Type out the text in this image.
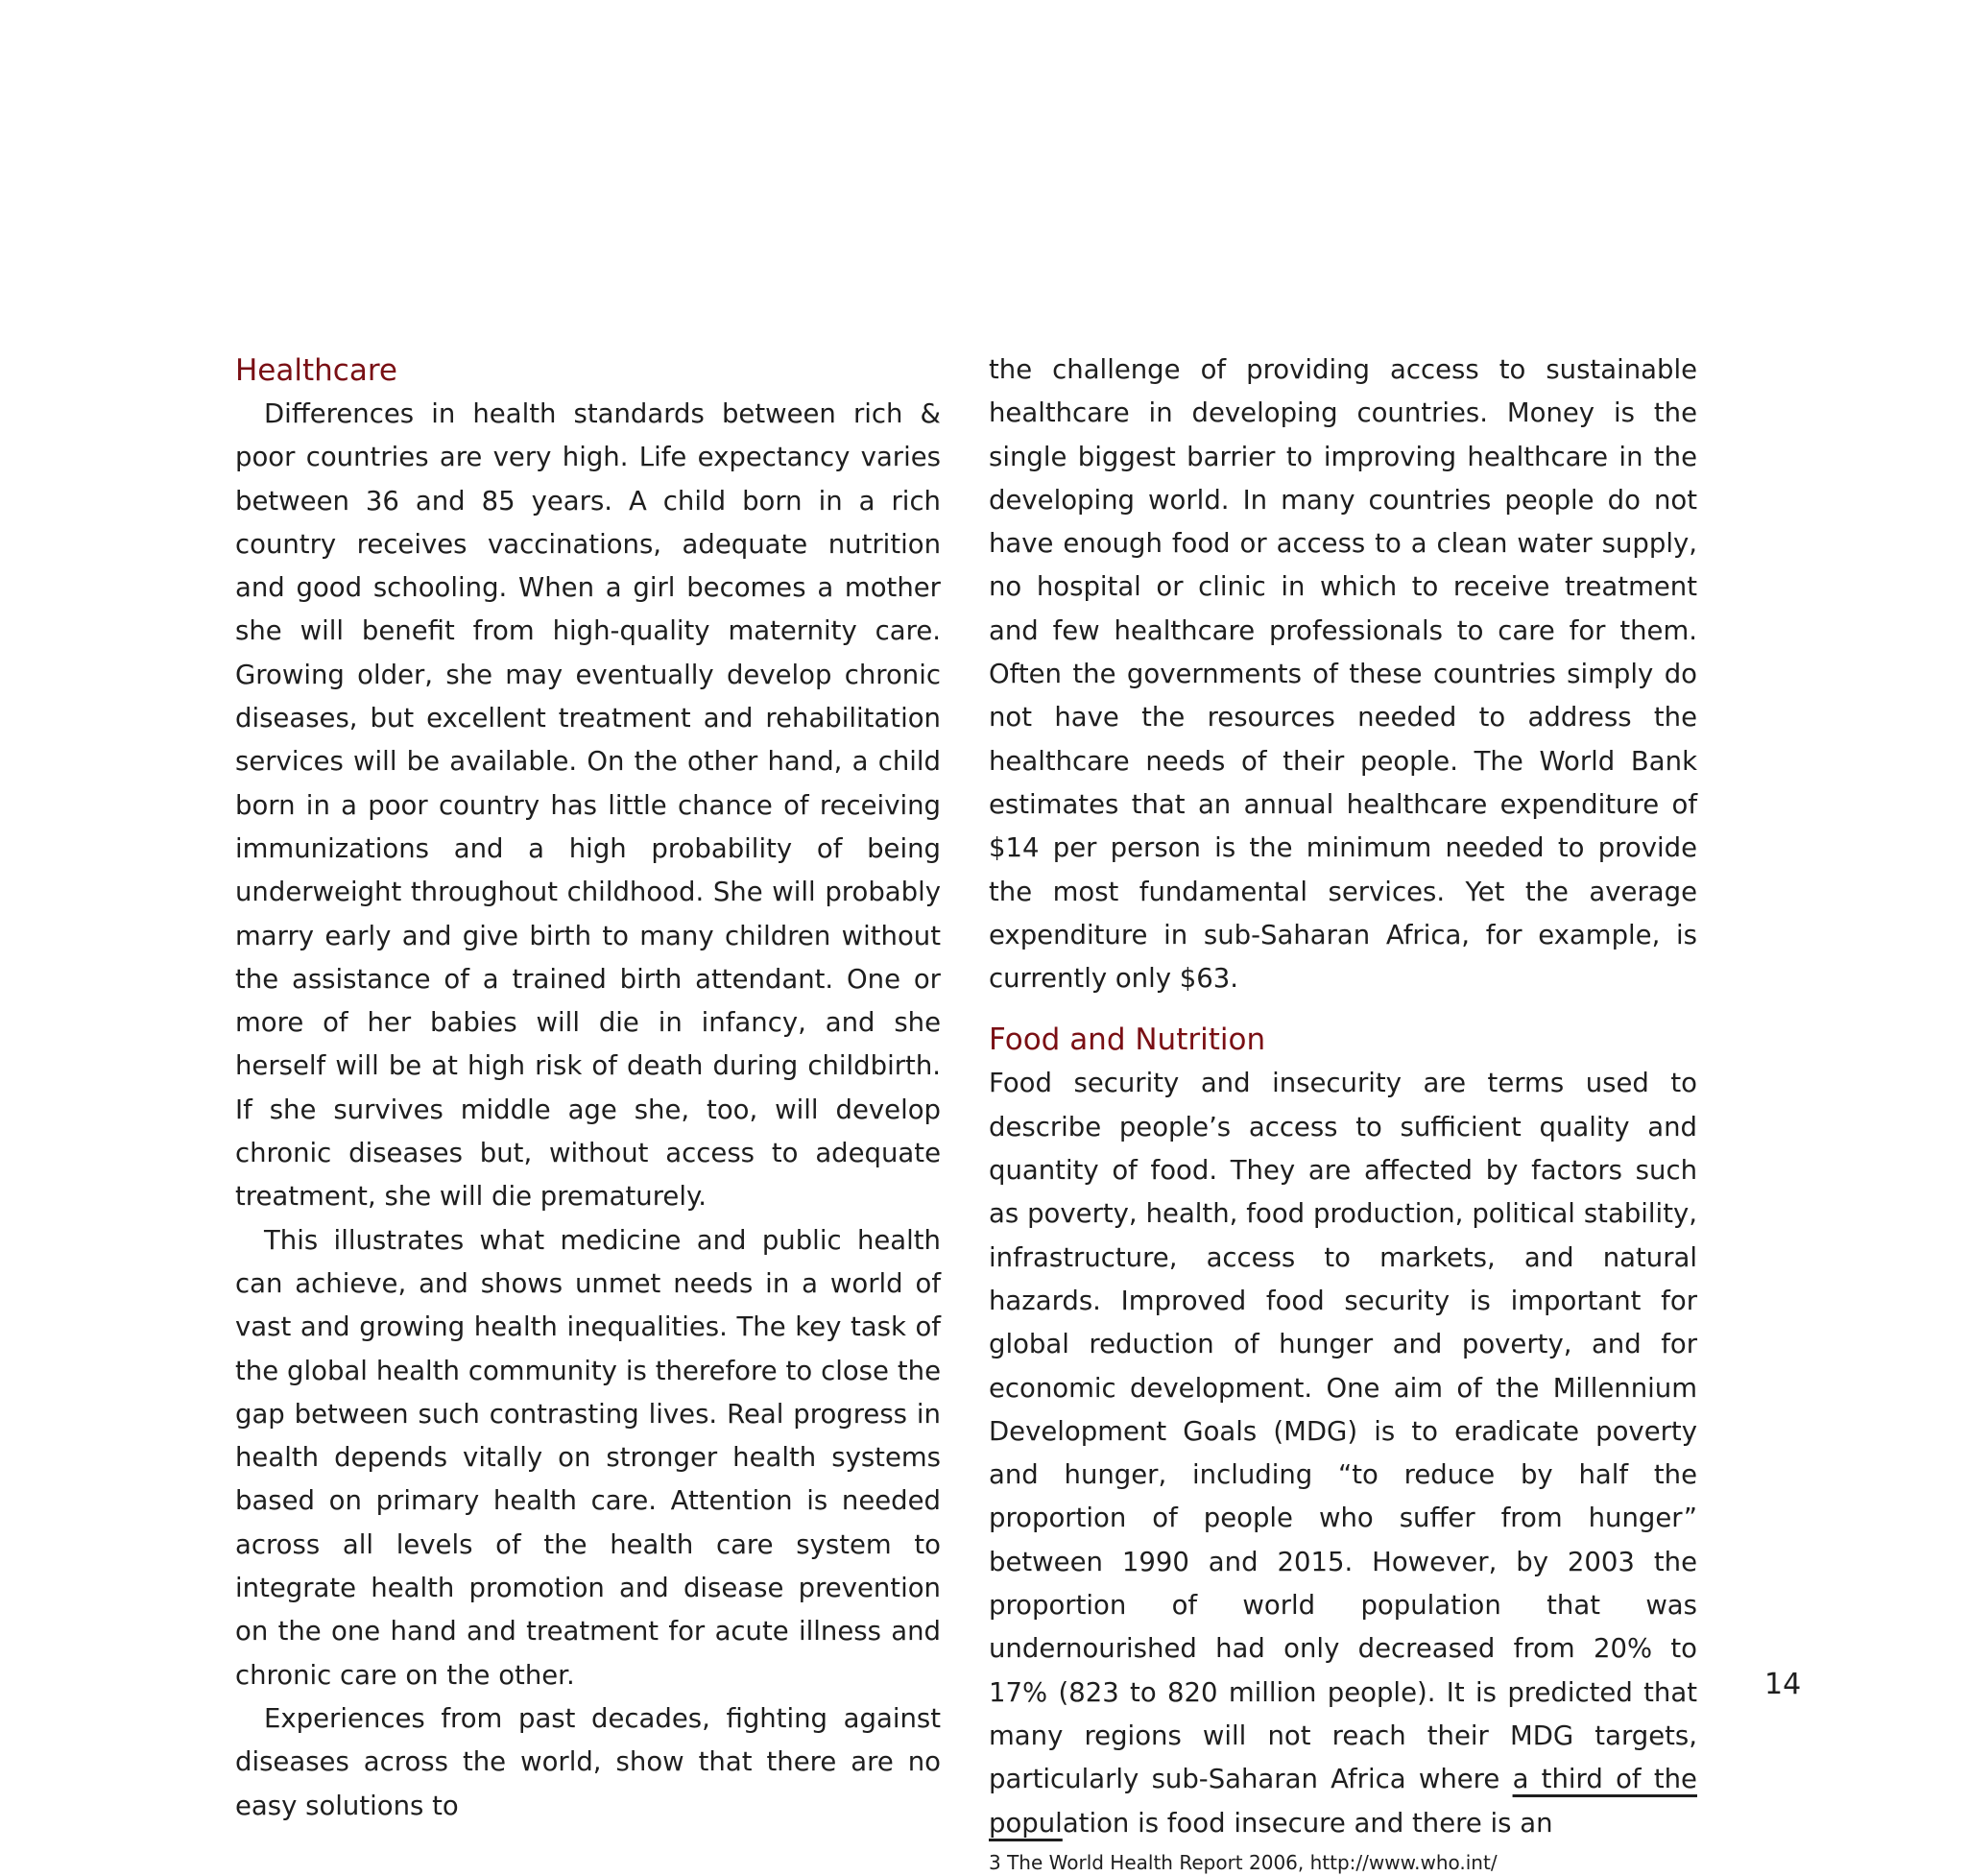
Healthcare

Differences in health standards between rich & poor countries are very high. Life expectancy varies between 36 and 85 years. A child born in a rich country receives vaccinations, adequate nutrition and good schooling. When a girl becomes a mother she will benefit from high-quality maternity care. Growing older, she may eventually develop chronic diseases, but excellent treatment and rehabilitation services will be available. On the other hand, a child born in a poor country has little chance of receiving immunizations and a high probability of being underweight throughout childhood. She will probably marry early and give birth to many children without the assistance of a trained birth attendant. One or more of her babies will die in infancy, and she herself will be at high risk of death during childbirth. If she survives middle age she, too, will develop chronic diseases but, without access to adequate treatment, she will die prematurely.

This illustrates what medicine and public health can achieve, and shows unmet needs in a world of vast and growing health inequalities. The key task of the global health community is therefore to close the gap between such contrasting lives. Real progress in health depends vitally on stronger health systems based on primary health care. Attention is needed across all levels of the health care system to integrate health promotion and disease prevention on the one hand and treatment for acute illness and chronic care on the other.

Experiences from past decades, fighting against diseases across the world, show that there are no easy solutions to

the challenge of providing access to sustainable healthcare in developing countries. Money is the single biggest barrier to improving healthcare in the developing world. In many countries people do not have enough food or access to a clean water supply, no hospital or clinic in which to receive treatment and few healthcare professionals to care for them. Often the governments of these countries simply do not have the resources needed to address the healthcare needs of their people. The World Bank estimates that an annual healthcare expenditure of $14 per person is the minimum needed to provide the most fundamental services. Yet the average expenditure in sub-Saharan Africa, for example, is currently only $63.

Food and Nutrition

Food security and insecurity are terms used to describe people’s access to sufficient quality and quantity of food. They are affected by factors such as poverty, health, food production, political stability, infrastructure, access to markets, and natural hazards. Improved food security is important for global reduction of hunger and poverty, and for economic development. One aim of the Millennium Development Goals (MDG) is to eradicate poverty and hunger, including “to reduce by half the proportion of people who suffer from hunger” between 1990 and 2015. However, by 2003 the proportion of world population that was undernourished had only decreased from 20% to 17% (823 to 820 million people). It is predicted that many regions will not reach their MDG targets, particularly sub-Saharan Africa where a third of the population is food insecure and there is an

3 The World Health Report 2006, http://www.who.int/

14
